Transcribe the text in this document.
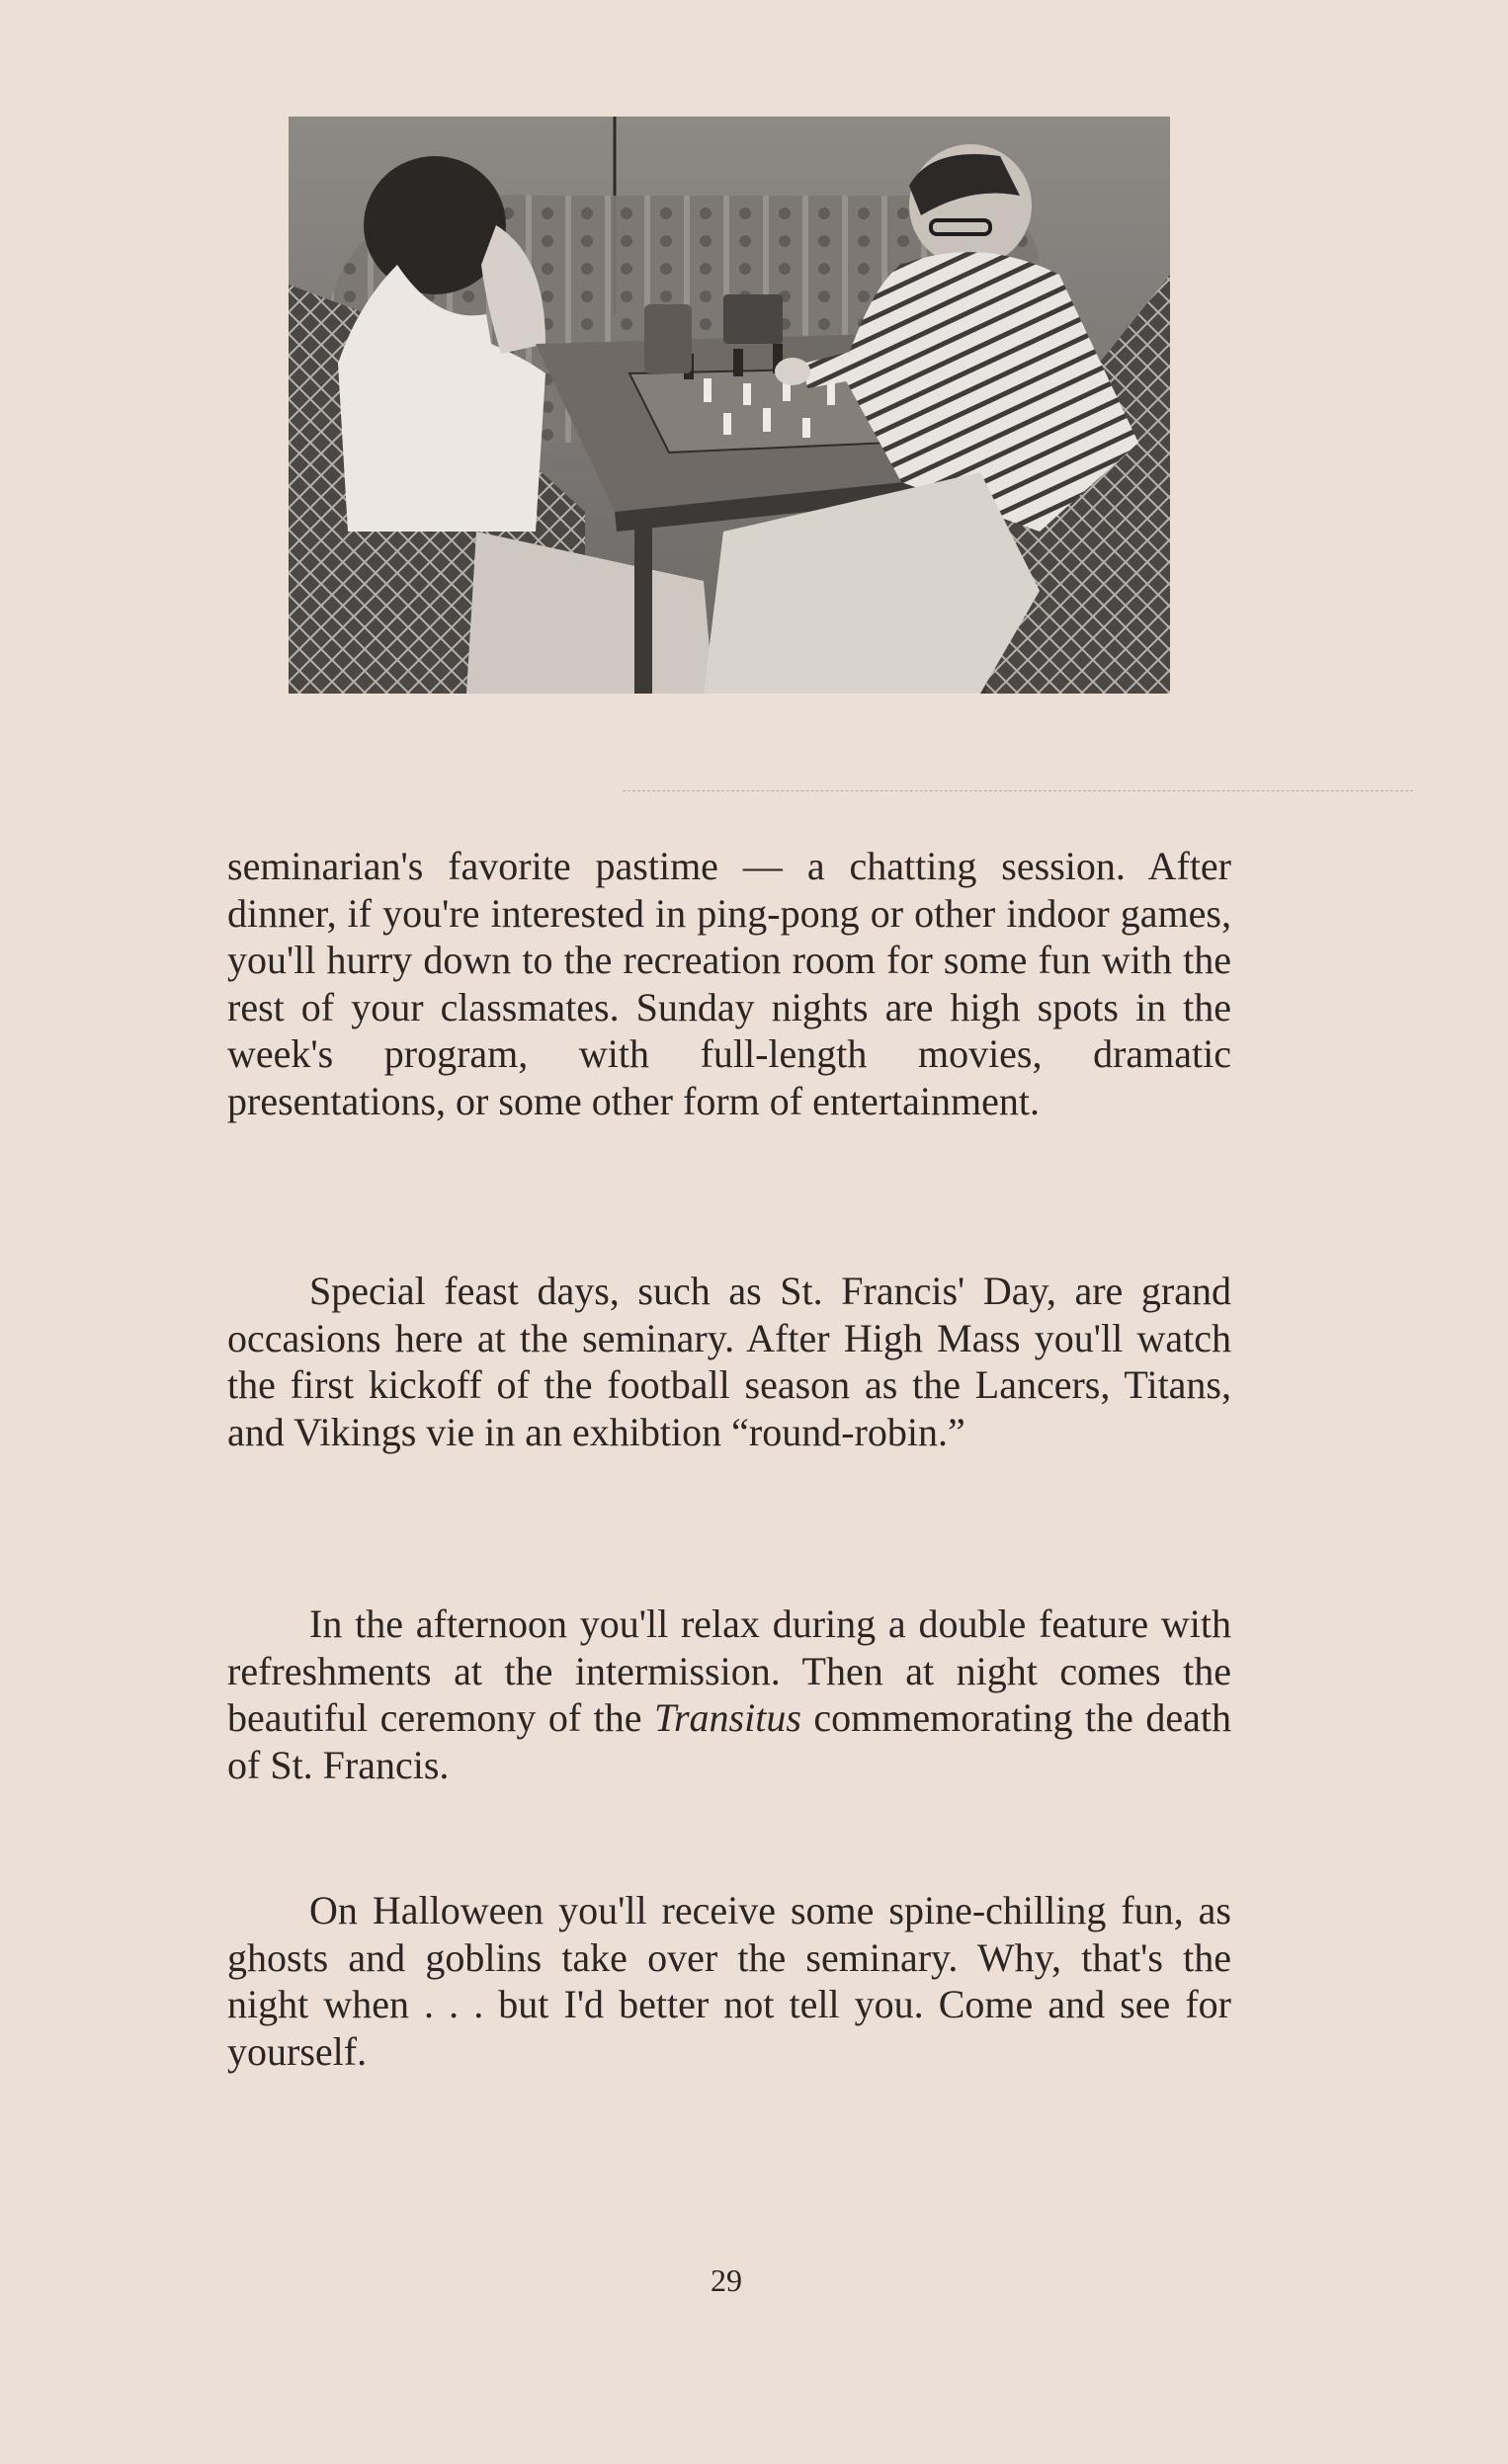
seminarian's favorite pastime — a chatting session. After dinner, if you're interested in ping-pong or other indoor games, you'll hurry down to the recreation room for some fun with the rest of your classmates. Sunday nights are high spots in the week's program, with full-length movies, dramatic presentations, or some other form of entertainment.

Special feast days, such as St. Francis' Day, are grand occasions here at the seminary. After High Mass you'll watch the first kickoff of the football season as the Lancers, Titans, and Vikings vie in an exhibtion “round-robin.”

In the afternoon you'll relax during a double feature with refreshments at the intermission. Then at night comes the beautiful ceremony of the Transitus commemorating the death of St. Francis.

On Halloween you'll receive some spine-chilling fun, as ghosts and goblins take over the seminary. Why, that's the night when . . . but I'd better not tell you. Come and see for yourself.

29
